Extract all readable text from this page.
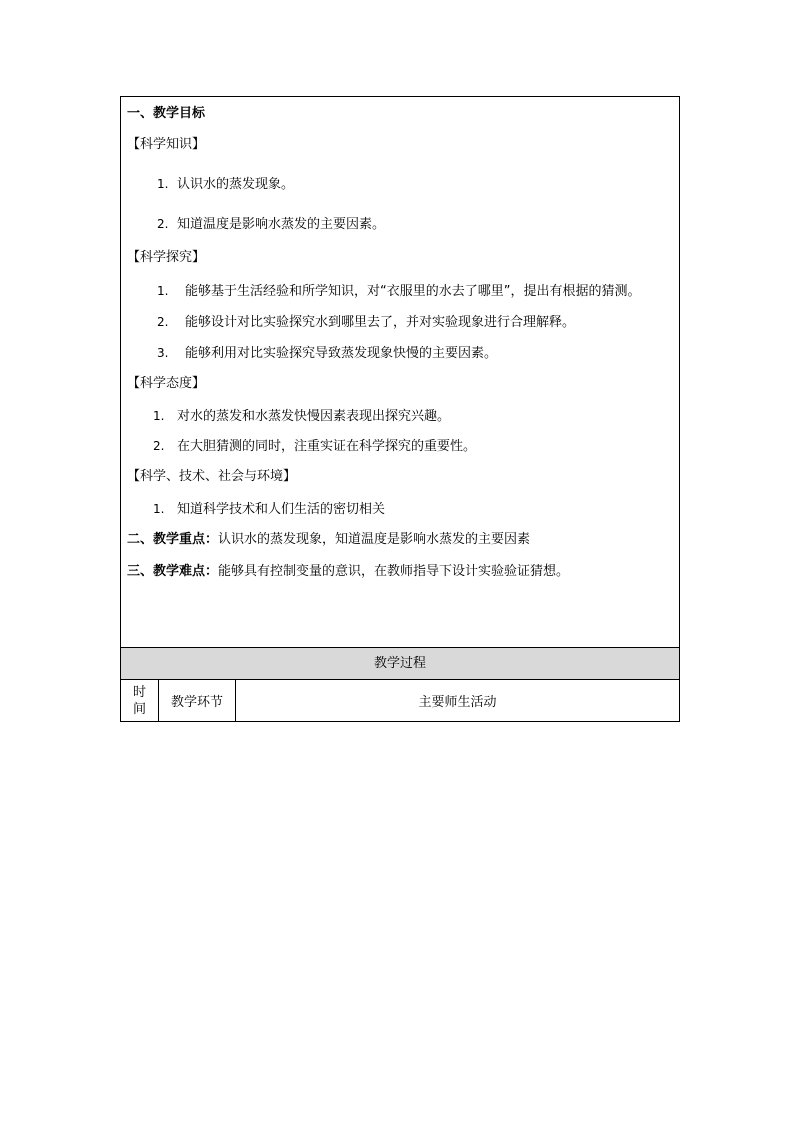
一、教学目标
【科学知识】
1. 认识水的蒸发现象。
2. 知道温度是影响水蒸发的主要因素。
【科学探究】
1. 能够基于生活经验和所学知识，对“衣服里的水去了哪里”，提出有根据的猜测。
2. 能够设计对比实验探究水到哪里去了，并对实验现象进行合理解释。
3. 能够利用对比实验探究导致蒸发现象快慢的主要因素。
【科学态度】
1. 对水的蒸发和水蒸发快慢因素表现出探究兴趣。
2. 在大胆猜测的同时，注重实证在科学探究的重要性。
【科学、技术、社会与环境】
1. 知道科学技术和人们生活的密切相关
二、教学重点：认识水的蒸发现象，知道温度是影响水蒸发的主要因素
三、教学难点：能够具有控制变量的意识，在教师指导下设计实验验证猜想。
教学过程
时
间	教学环节	主要师生活动
